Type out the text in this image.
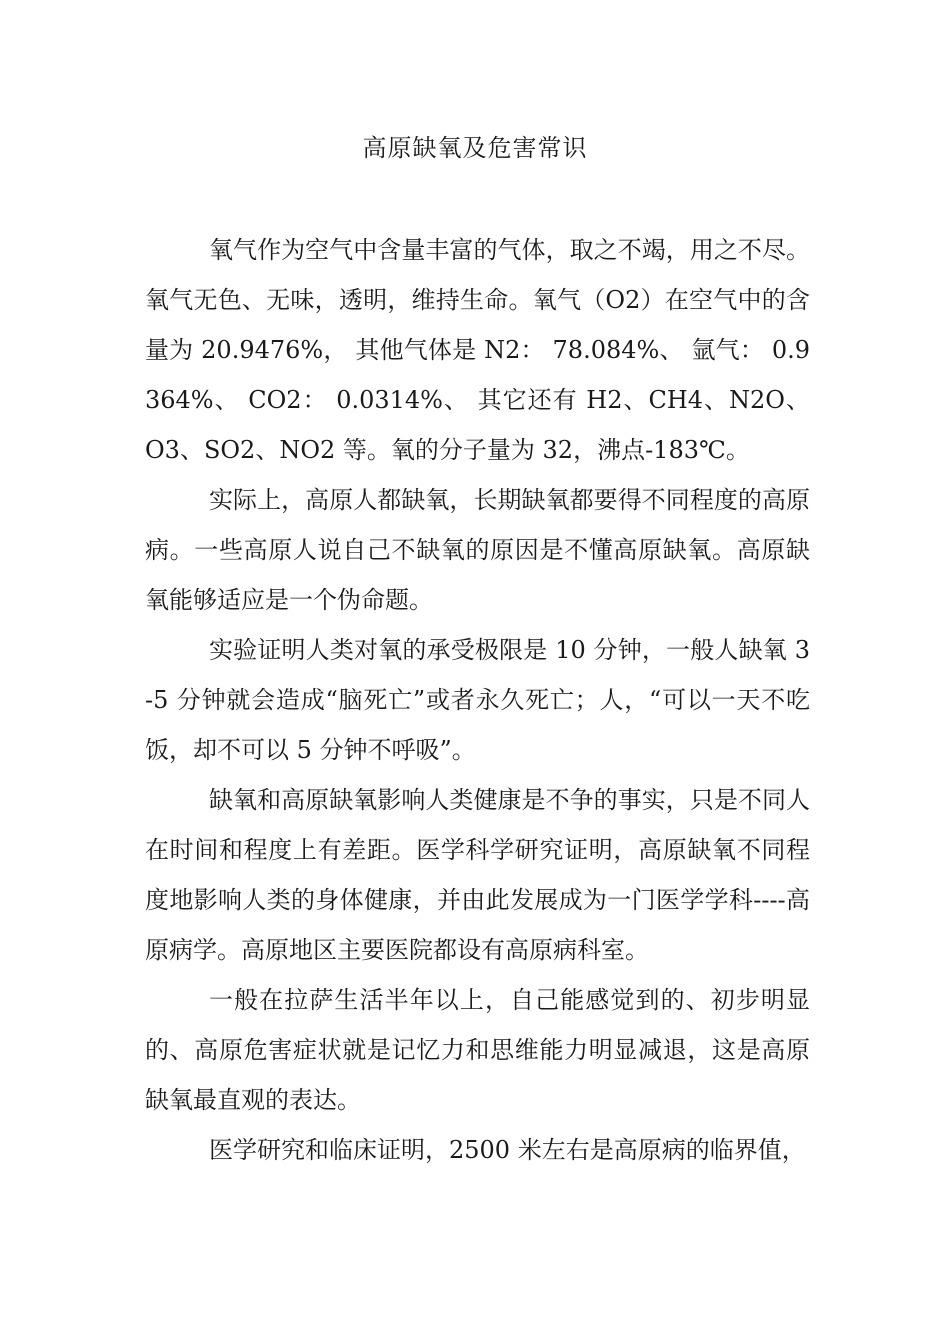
高原缺氧及危害常识

氧气作为空气中含量丰富的气体，取之不竭，用之不尽。氧气无色、无味，透明，维持生命。氧气（O2）在空气中的含量为 20.9476%， 其他气体是 N2： 78.084%、 氩气： 0.9364%、 CO2： 0.0314%、 其它还有 H2、CH4、N2O、O3、SO2、NO2 等。氧的分子量为 32，沸点-183℃。

实际上，高原人都缺氧，长期缺氧都要得不同程度的高原病。一些高原人说自己不缺氧的原因是不懂高原缺氧。高原缺氧能够适应是一个伪命题。

实验证明人类对氧的承受极限是 10 分钟，一般人缺氧 3-5 分钟就会造成“脑死亡”或者永久死亡；人，“可以一天不吃饭，却不可以 5 分钟不呼吸”。

缺氧和高原缺氧影响人类健康是不争的事实，只是不同人在时间和程度上有差距。医学科学研究证明，高原缺氧不同程度地影响人类的身体健康，并由此发展成为一门医学学科----高原病学。高原地区主要医院都设有高原病科室。

一般在拉萨生活半年以上，自己能感觉到的、初步明显的、高原危害症状就是记忆力和思维能力明显减退，这是高原缺氧最直观的表达。

医学研究和临床证明，2500 米左右是高原病的临界值，
